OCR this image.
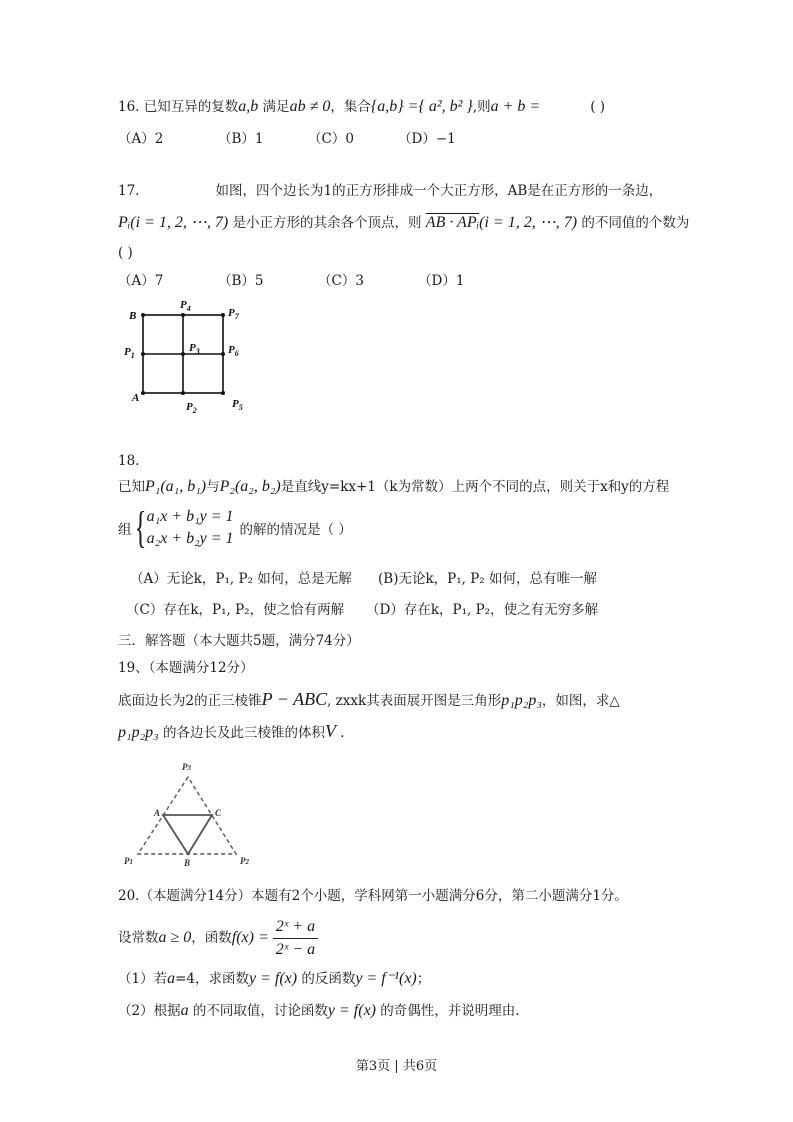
16. 已知互异的复数a,b 满足ab ≠ 0，集合{a,b} ={ a², b² },则a + b =	( )
（A）2	（B）1	（C）0	（D）−1
17.	如图，四个边长为1的正方形排成一个大正方形，AB是在正方形的一条边，
Pᵢ(i = 1, 2, ⋯, 7) 是小正方形的其余各个顶点，则 AB · APᵢ(i = 1, 2, ⋯, 7) 的不同值的个数为
( )
（A）7	（B）5	（C）3	（D）1
B
$P_4$	$P_7$
$P_1$
$P_3$	$P_6$
A
$P_2$
$P_5$
18.
已知P₁(a₁, b₁)与P₂(a₂, b₂)是直线y=kx+1（k为常数）上两个不同的点，则关于x和y的方程
组 { a₁x + b₁y = 1
a₂x + b₂y = 1 的解的情况是（ ）
（A）无论k，P₁, P₂ 如何，总是无解 (B)无论k，P₁, P₂ 如何，总有唯一解
（C）存在k，P₁, P₂，使之恰有两解 （D）存在k，P₁, P₂，使之有无穷多解
三．解答题（本大题共5题，满分74分）
19、（本题满分12分）
底面边长为2的正三棱锥P − ABC, zxxk其表面展开图是三角形p₁p₂p₃，如图，求△
p₁p₂p₃ 的各边长及此三棱锥的体积V .
P3
A	C
P1	B	P2
20.（本题满分14分）本题有2个小题，学科网第一小题满分6分，第二小题满分1分。
设常数a ≥ 0，函数$f(x) = \frac{\text{2ˣ + a}}{\text{2ˣ − a}}$
（1）若a=4，求函数y = f(x) 的反函数y = f⁻¹(x)；
（2）根据a 的不同取值，讨论函数y = f(x) 的奇偶性，并说明理由.
第3页 | 共6页
